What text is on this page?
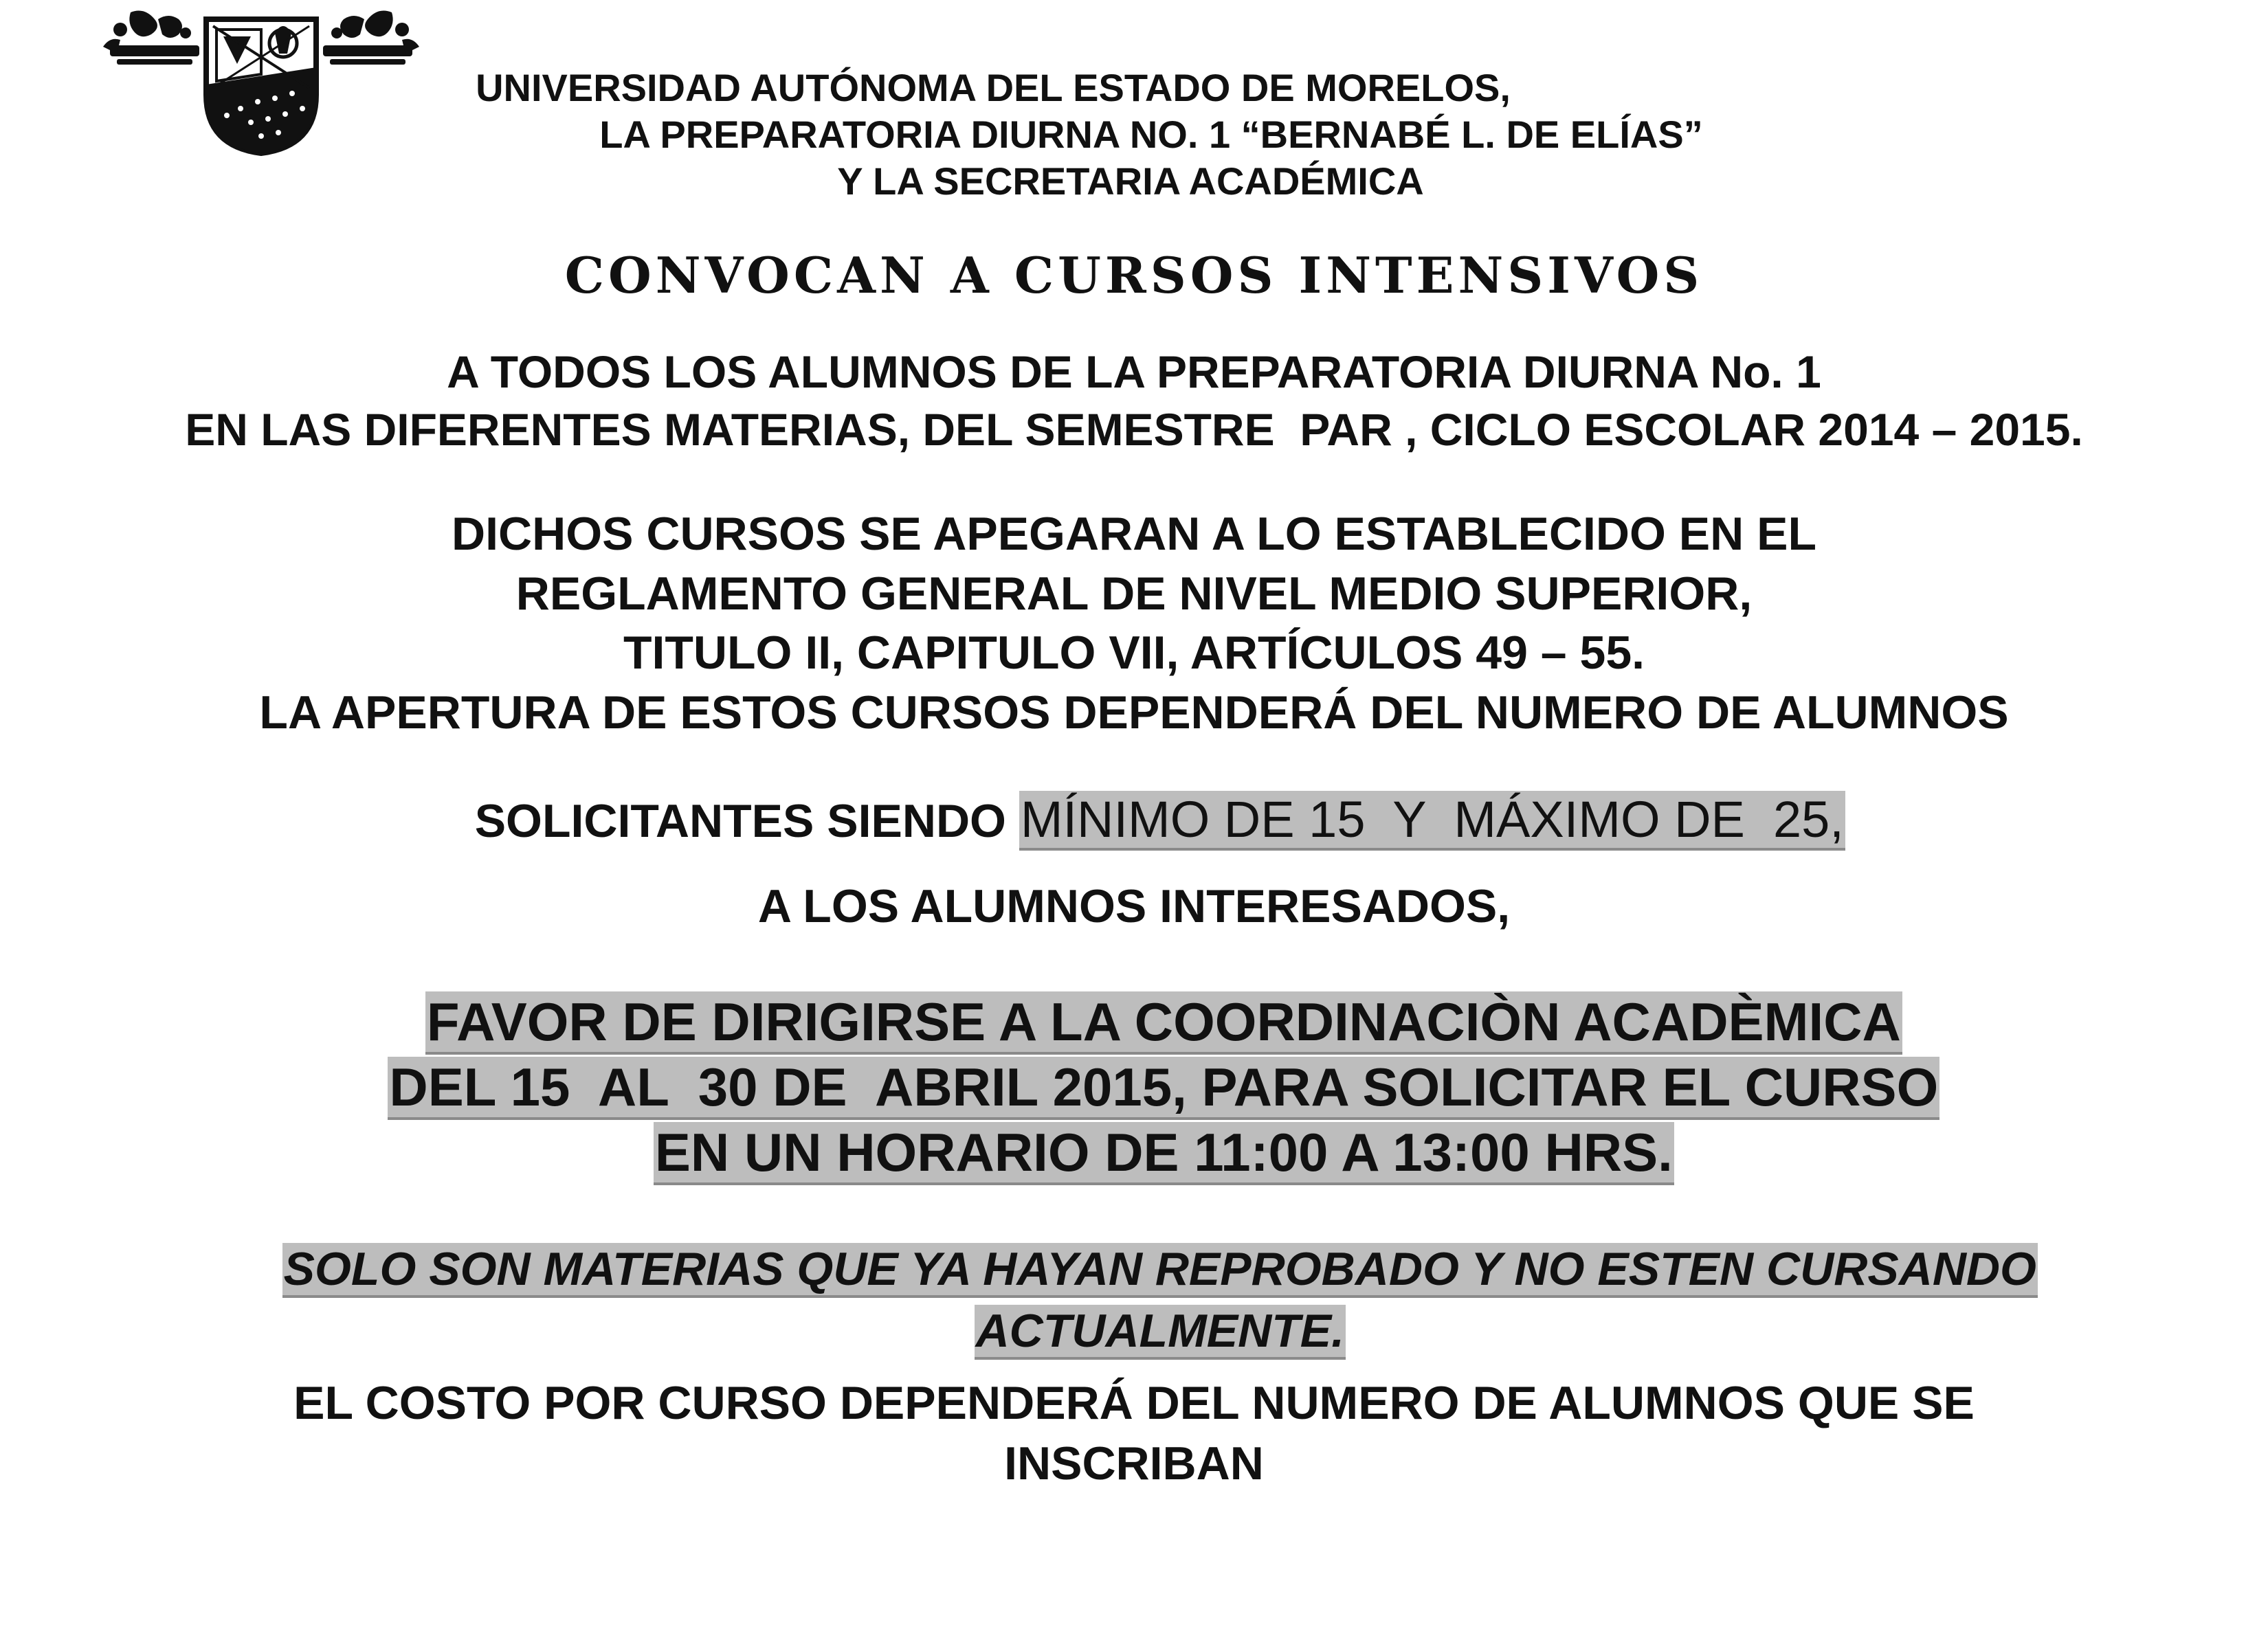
UNIVERSIDAD AUTÓNOMA DEL ESTADO DE MORELOS,
LA PREPARATORIA DIURNA NO. 1 “BERNABÉ L. DE ELÍAS”
Y LA SECRETARIA ACADÉMICA
CONVOCAN A CURSOS INTENSIVOS
A TODOS LOS ALUMNOS DE LA PREPARATORIA DIURNA No. 1
EN LAS DIFERENTES MATERIAS, DEL SEMESTRE  PAR , CICLO ESCOLAR 2014 – 2015.
DICHOS CURSOS SE APEGARAN A LO ESTABLECIDO EN EL
REGLAMENTO GENERAL DE NIVEL MEDIO SUPERIOR,
TITULO II, CAPITULO VII, ARTÍCULOS 49 – 55.
LA APERTURA DE ESTOS CURSOS DEPENDERÁ DEL NUMERO DE ALUMNOS

SOLICITANTES SIENDO MÍNIMO DE 15  Y  MÁXIMO DE  25,

A LOS ALUMNOS INTERESADOS,

FAVOR DE DIRIGIRSE A LA COORDINACIÒN ACADÈMICA

DEL 15  AL  30 DE  ABRIL 2015, PARA SOLICITAR EL CURSO

EN UN HORARIO DE 11:00 A 13:00 HRS.

SOLO SON MATERIAS QUE YA HAYAN REPROBADO Y NO ESTEN CURSANDO

ACTUALMENTE.

EL COSTO POR CURSO DEPENDERÁ DEL NUMERO DE ALUMNOS QUE SE
INSCRIBAN
